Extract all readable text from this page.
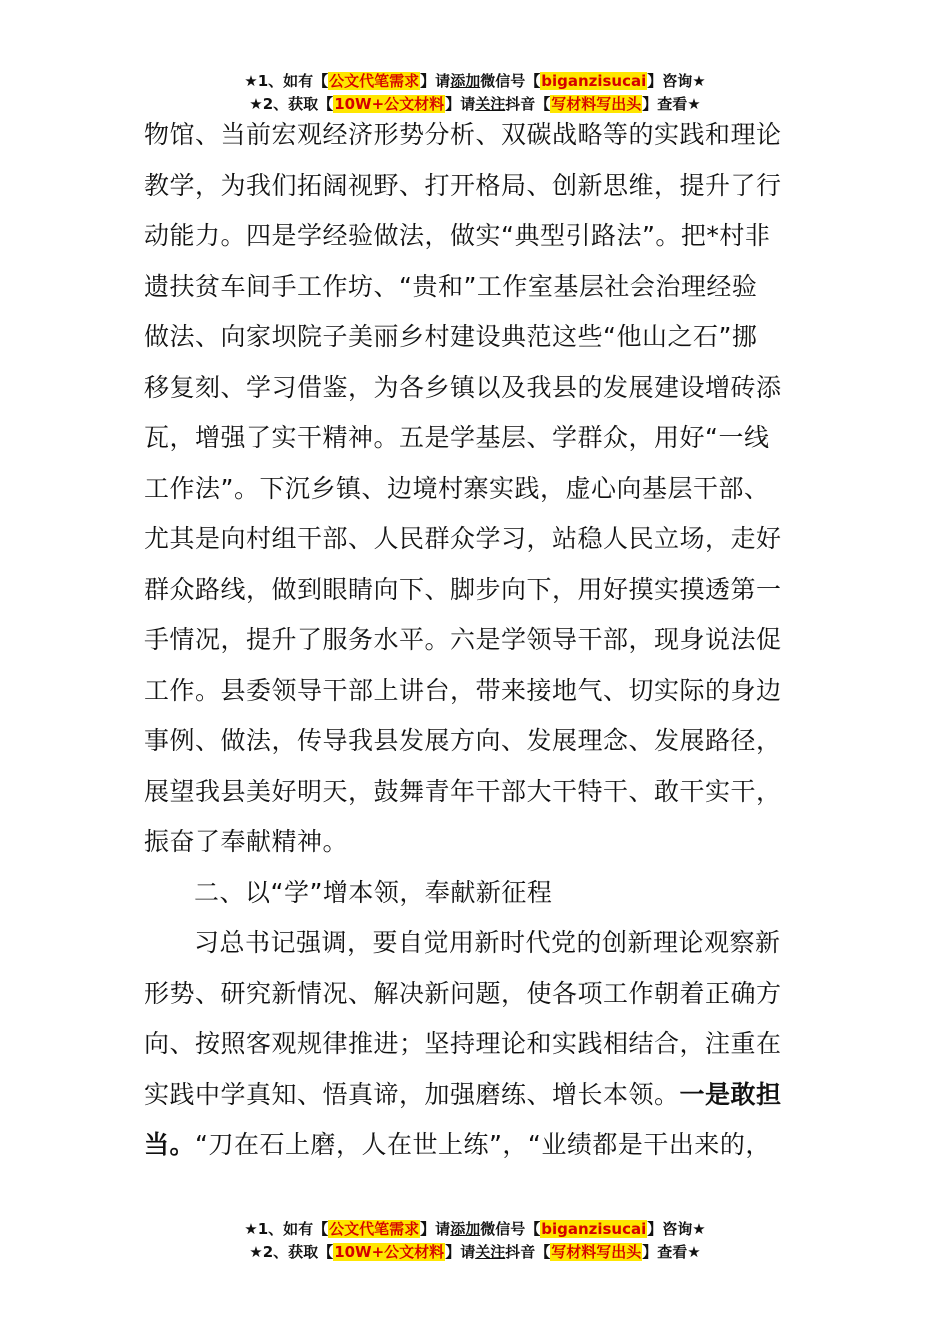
★1、如有【公文代笔需求】请添加微信号【biganzisucai】咨询★
★2、获取【10W+公文材料】请关注抖音【写材料写出头】查看★
物馆、当前宏观经济形势分析、双碳战略等的实践和理论
教学，为我们拓阔视野、打开格局、创新思维，提升了行
动能力。四是学经验做法，做实“典型引路法”。把*村非
遗扶贫车间手工作坊、“贵和”工作室基层社会治理经验
做法、向家坝院子美丽乡村建设典范这些“他山之石”挪
移复刻、学习借鉴，为各乡镇以及我县的发展建设增砖添
瓦，增强了实干精神。五是学基层、学群众，用好“一线
工作法”。下沉乡镇、边境村寨实践，虚心向基层干部、
尤其是向村组干部、人民群众学习，站稳人民立场，走好
群众路线，做到眼睛向下、脚步向下，用好摸实摸透第一
手情况，提升了服务水平。六是学领导干部，现身说法促
工作。县委领导干部上讲台，带来接地气、切实际的身边
事例、做法，传导我县发展方向、发展理念、发展路径，
展望我县美好明天，鼓舞青年干部大干特干、敢干实干，
振奋了奉献精神。
二、以“学”增本领，奉献新征程
习总书记强调，要自觉用新时代党的创新理论观察新
形势、研究新情况、解决新问题，使各项工作朝着正确方
向、按照客观规律推进；坚持理论和实践相结合，注重在
实践中学真知、悟真谛，加强磨练、增长本领。一是敢担
当。“刀在石上磨，人在世上练”，“业绩都是干出来的，
★1、如有【公文代笔需求】请添加微信号【biganzisucai】咨询★
★2、获取【10W+公文材料】请关注抖音【写材料写出头】查看★
